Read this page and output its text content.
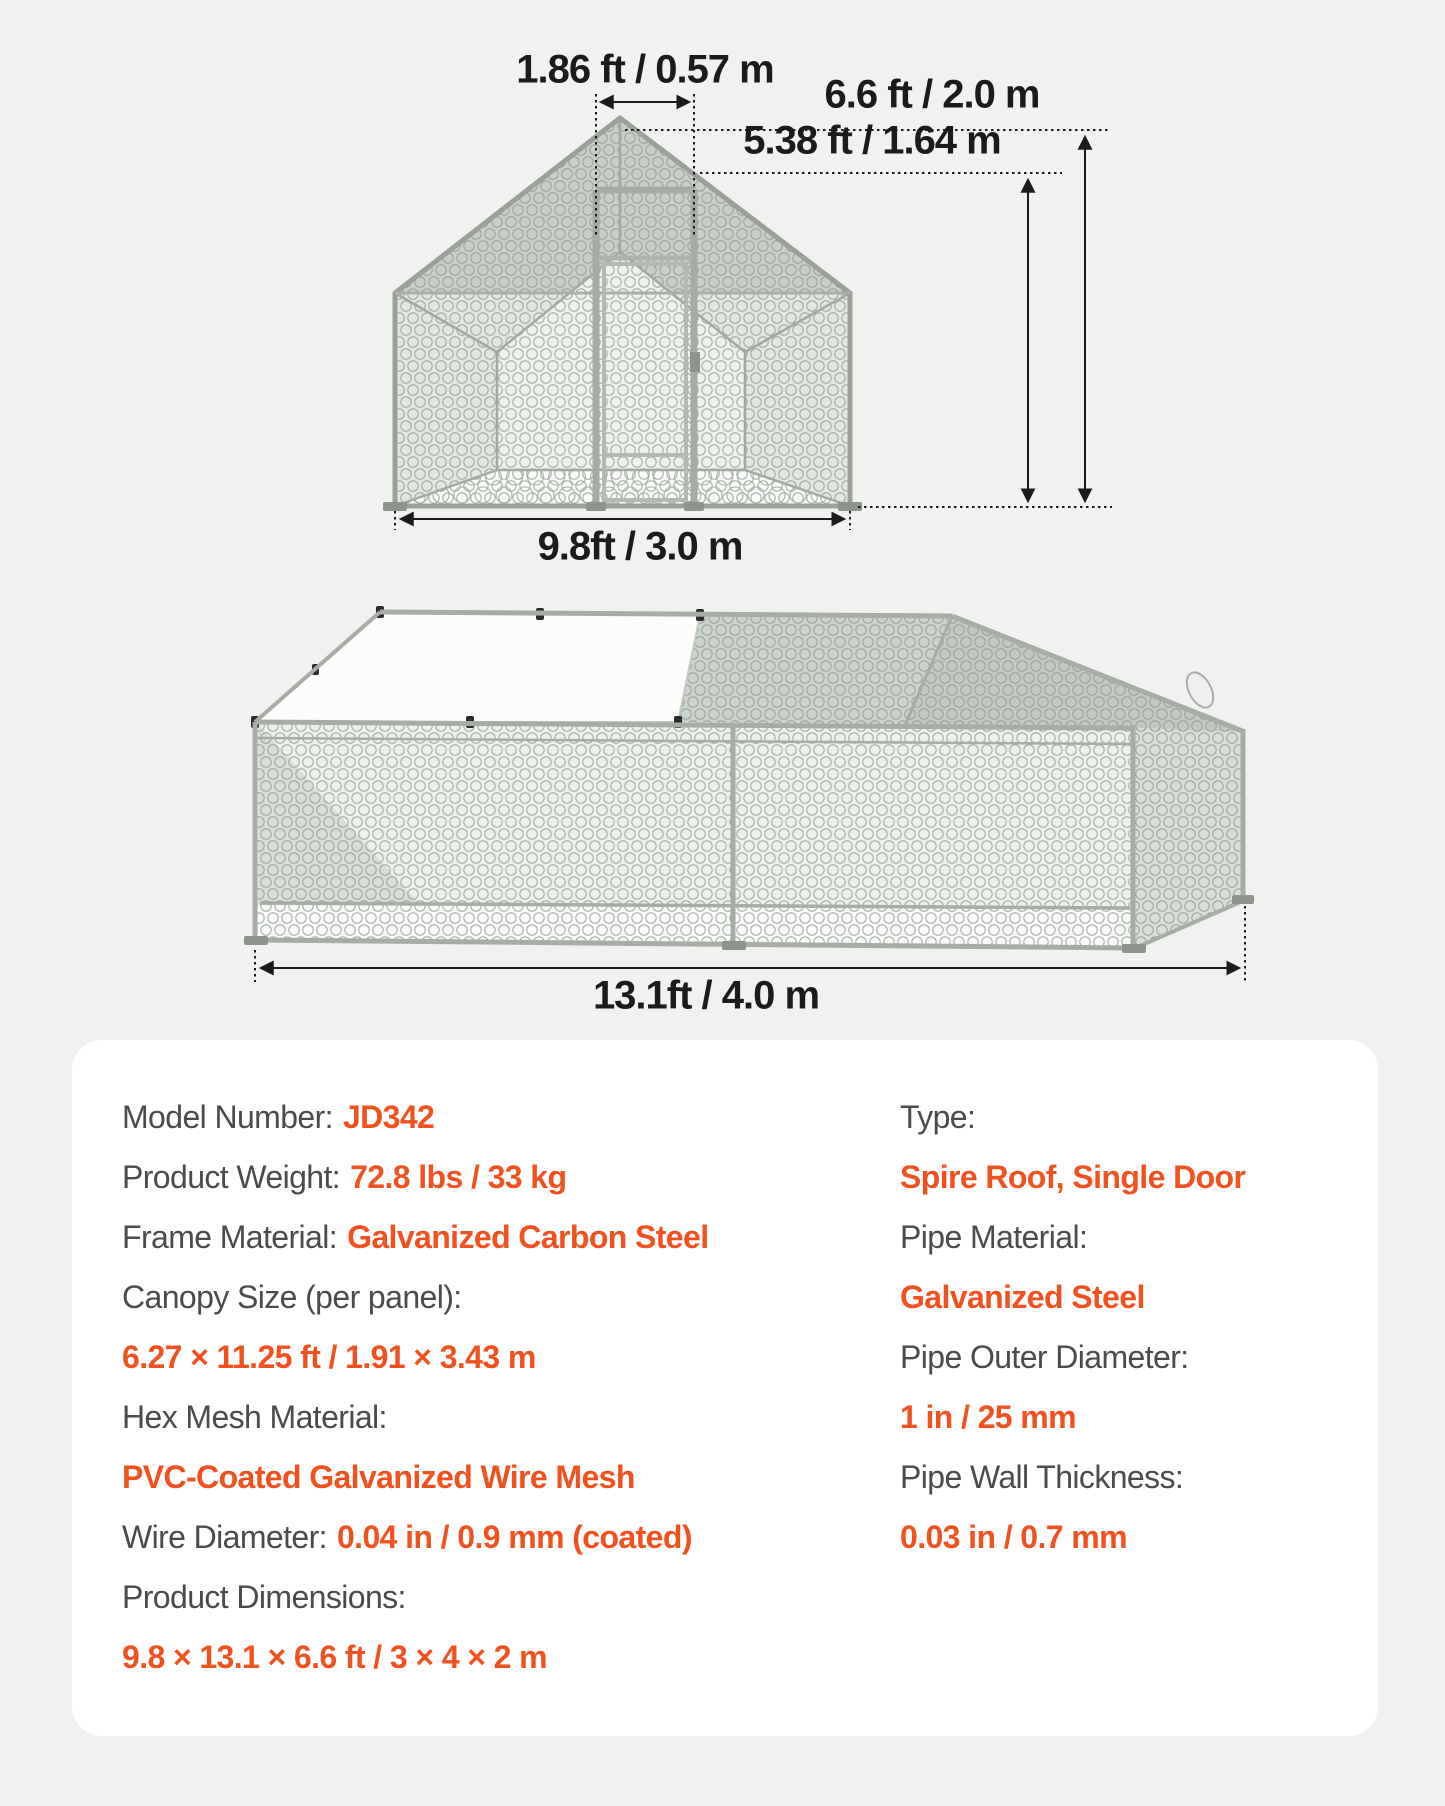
1.86 ft / 0.57 m
6.6 ft / 2.0 m
5.38 ft / 1.64 m
9.8ft / 3.0 m
13.1ft / 4.0 m
Model Number: JD342
Product Weight: 72.8 lbs / 33 kg
Frame Material: Galvanized Carbon Steel
Canopy Size (per panel):
6.27 × 11.25 ft / 1.91 × 3.43 m
Hex Mesh Material:
PVC-Coated Galvanized Wire Mesh
Wire Diameter: 0.04 in / 0.9 mm (coated)
Product Dimensions:
9.8 × 13.1 × 6.6 ft / 3 × 4 × 2 m
Type:
Spire Roof, Single Door
Pipe Material:
Galvanized Steel
Pipe Outer Diameter:
1 in / 25 mm
Pipe Wall Thickness:
0.03 in / 0.7 mm
